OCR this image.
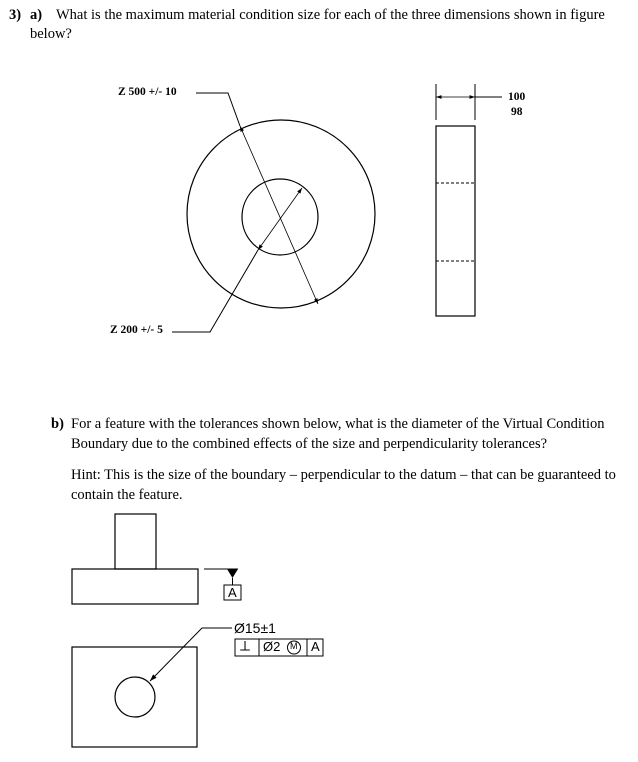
3) a) What is the maximum material condition size for each of the three dimensions shown in figure
below?
Z 500 +/- 10
Z 200 +/- 5
100
98
b) For a feature with the tolerances shown below, what is the diameter of the Virtual Condition
Boundary due to the combined effects of the size and perpendicularity tolerances?
Hint: This is the size of the boundary – perpendicular to the datum – that can be guaranteed to
contain the feature.
A
Ø15±1
⟂ Ø2 M A
